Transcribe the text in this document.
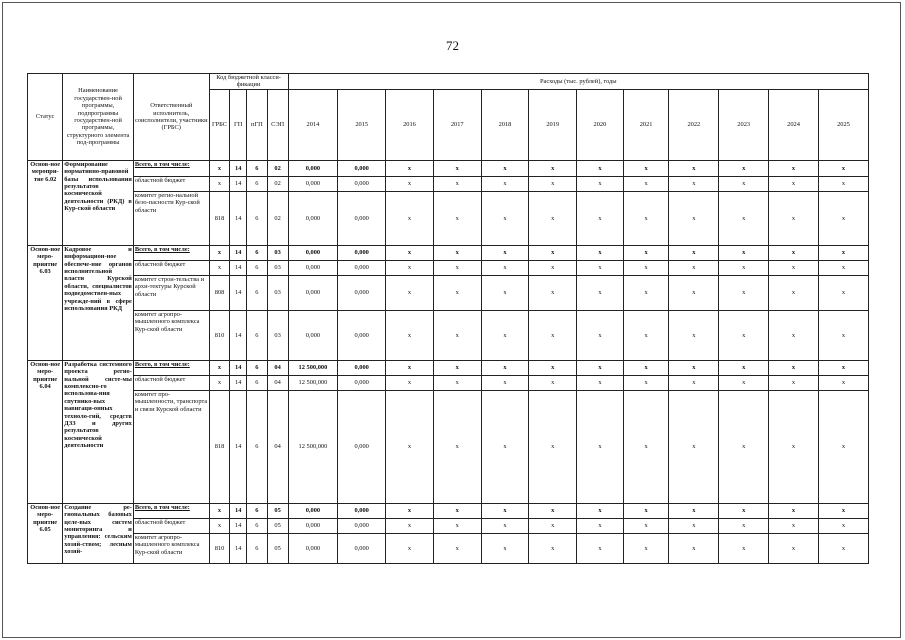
72
Статус	Наименование государствен-ной программы, подпрограммы государствен-ной программы, структурного элемента под-программы	Ответственный исполнитель, соисполнители, участники (ГРБС)	Код бюджетной класси-фикации				Расходы (тыс. рублей), годы											
			ГРБС	ГП	пГП	СЭП	2014	2015	2016	2017	2018	2019	2020	2021	2022	2023	2024	2025
Основ-ное меропри-тие 6.02	Формирование нормативно-правовой базы использования результатов космической деятельности (РКД) в Кур-ской области	Всего, в том числе:	x	14	6	02	0,000	0,000	x	x	x	x	x	x	x	x	x	x
		областной бюджет	x	14	6	02	0,000	0,000	x	x	x	x	x	x	x	x	x	x
		комитет регио-нальной безо-пасности Кур-ской области	818	14	6	02	0,000	0,000	x	x	x	x	x	x	x	x	x	x
Основ-ное меро-приятие 6.03	Кадровое и информацион-ное обеспече-ние органов исполнительной власти Курской области, специалистов подведомствен-ных учрежде-ний в сфере использования РКД	Всего, в том числе:	x	14	6	03	0,000	0,000	x	x	x	x	x	x	x	x	x	x
		областной бюджет	x	14	6	03	0,000	0,000	x	x	x	x	x	x	x	x	x	x
		комитет строи-тельства и архи-тектуры Курской области	808	14	6	03	0,000	0,000	x	x	x	x	x	x	x	x	x	x
		комитет агропро-мышленного комплекса Кур-ской области	810	14	6	03	0,000	0,000	x	x	x	x	x	x	x	x	x	x
Основ-ное меро-приятие 6.04	Разработка системного проекта регио-нальной систе-мы комплексно-го использова-ния спутнико-вых навигаци-онных техноло-гий, средств ДЗЗ и других результатов космической деятельности	Всего, в том числе:	x	14	6	04	12 500,000	0,000	x	x	x	x	x	x	x	x	x	x
		областной бюджет	x	14	6	04	12 500,000	0,000	x	x	x	x	x	x	x	x	x	x
		комитет про-мышленности, транспорта и связи Курской области	818	14	6	04	12 500,000	0,000	x	x	x	x	x	x	x	x	x	x
Основ-ное меро-приятие 6.05	Создание ре-гиональных базовых целе-вых систем мониторинга и управления: сельским хозяй-ством; лесным хозяй-	Всего, в том числе:	x	14	6	05	0,000	0,000	x	x	x	x	x	x	x	x	x	x
		областной бюджет	x	14	6	05	0,000	0,000	x	x	x	x	x	x	x	x	x	x
		комитет агропро-мышленного комплекса Кур-ской области	810	14	6	05	0,000	0,000	x	x	x	x	x	x	x	x	x	x
